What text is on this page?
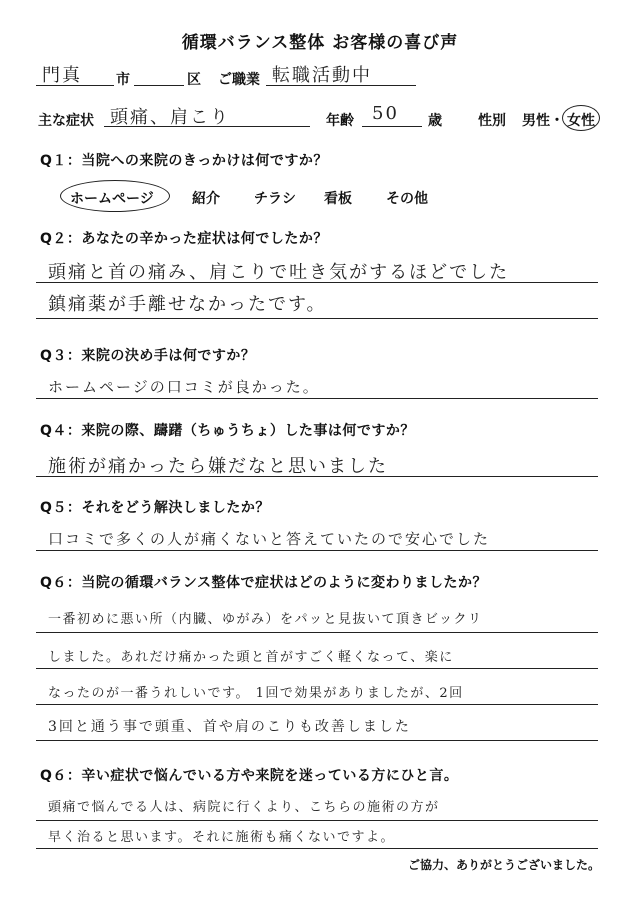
循環バランス整体 お客様の喜び声
門真 市	区 ご職業 転職活動中
主な症状 頭痛、肩こり	年齢 50 歳	性別 男性・ 女性
Q１：当院への来院のきっかけは何ですか？
ホームページ	紹介 チラシ 看板 その他
Q２：あなたの辛かった症状は何でしたか？
頭痛と首の痛み、肩こりで吐き気がするほどでした
鎮痛薬が手離せなかったです。
Q３：来院の決め手は何ですか？
ホームページの口コミが良かった。
Q４：来院の際、躊躇（ちゅうちょ）した事は何ですか？
施術が痛かったら嫌だなと思いました
Q５：それをどう解決しましたか？
口コミで多くの人が痛くないと答えていたので安心でした
Q６：当院の循環バランス整体で症状はどのように変わりましたか？
一番初めに悪い所（内臓、ゆがみ）をパッと見抜いて頂きビックリ
しました。あれだけ痛かった頭と首がすごく軽くなって、楽に
なったのが一番うれしいです。 1回で効果がありましたが、2回
3回と通う事で頭重、首や肩のこりも改善しました
Q６：辛い症状で悩んでいる方や来院を迷っている方にひと言。
頭痛で悩んでる人は、病院に行くより、こちらの施術の方が
早く治ると思います。それに施術も痛くないですよ。
ご協力、ありがとうございました。
